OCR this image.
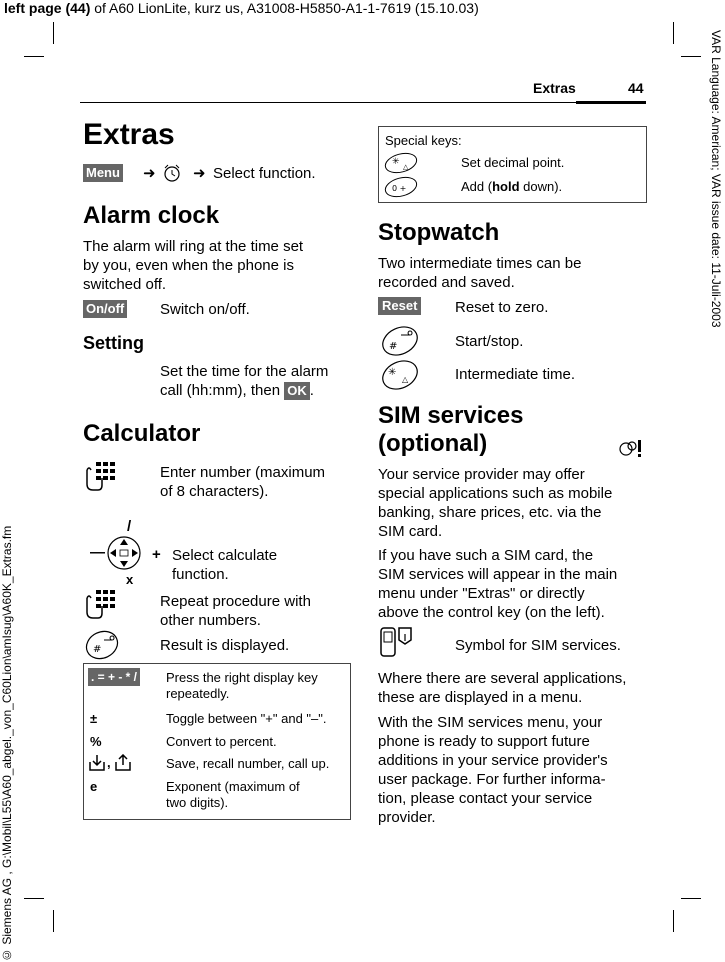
left page (44) of A60 LionLite, kurz us, A31008-H5850-A1-1-7619 (15.10.03)
VAR Language: American; VAR issue date: 11-Juli-2003
© Siemens AG , G:\Mobil\L55\A60_abgel._von_C60Lion\amIsug\A60K_Extras.fm
Extras	44
Extras
Menu ➜ ➜ Select function.
Alarm clock
The alarm will ring at the time set
by you, even when the phone is
switched off.
On/off Switch on/off.
Setting
Set the time for the alarm
call (hh:mm), then OK .
Calculator
Enter number (maximum
of 8 characters).
/
—	+
x
Select calculate
function.
Repeat procedure with
other numbers.
#	Result is displayed.
. = + - * / Press the right display key
repeatedly.
±	Toggle between "+" and "–".
%	Convert to percent.
,	Save, recall number, call up.
e	Exponent (maximum of
two digits).
Special keys:
✳ △	Set decimal point.
0 +	Add (hold down).
Stopwatch
Two intermediate times can be
recorded and saved.
Reset	Reset to zero.
#	Start/stop.
✳
△	Intermediate time.
SIM services
(optional)
Your service provider may offer
special applications such as mobile
banking, share prices, etc. via the
SIM card.
If you have such a SIM card, the
SIM services will appear in the main
menu under "Extras" or directly
above the control key (on the left).
Symbol for SIM services.
Where there are several applications,
these are displayed in a menu.
With the SIM services menu, your
phone is ready to support future
additions in your service provider's
user package. For further informa-
tion, please contact your service
provider.
